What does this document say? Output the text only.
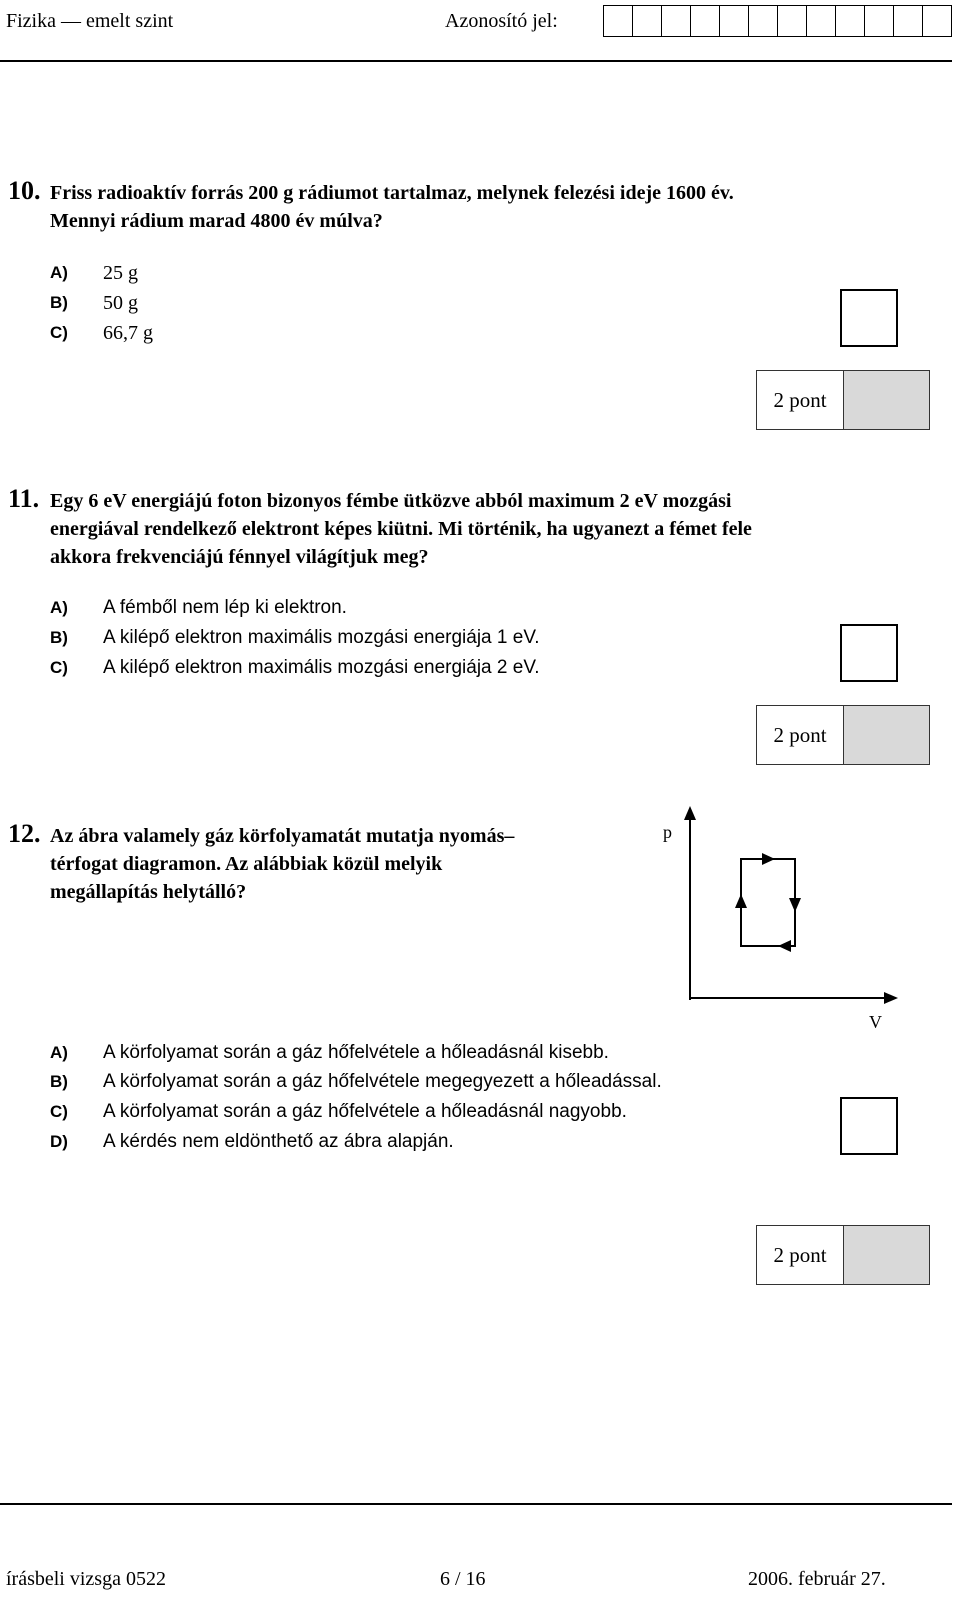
Fizika — emelt szint	Azonosító jel:
10. Friss radioaktív forrás 200 g rádiumot tartalmaz, melynek felezési ideje 1600 év.
Mennyi rádium marad 4800 év múlva?
A) 25 g
B) 50 g
C) 66,7 g
2 pont
11. Egy 6 eV energiájú foton bizonyos fémbe ütközve abból maximum 2 eV mozgási
energiával rendelkező elektront képes kiütni. Mi történik, ha ugyanezt a fémet fele
akkora frekvenciájú fénnyel világítjuk meg?
A) A fémből nem lép ki elektron.
B) A kilépő elektron maximális mozgási energiája 1 eV.
C) A kilépő elektron maximális mozgási energiája 2 eV.
2 pont
12. Az ábra valamely gáz körfolyamatát mutatja nyomás–
térfogat diagramon. Az alábbiak közül melyik
megállapítás helytálló?
p
V
A) A körfolyamat során a gáz hőfelvétele a hőleadásnál kisebb.
B) A körfolyamat során a gáz hőfelvétele megegyezett a hőleadással.
C) A körfolyamat során a gáz hőfelvétele a hőleadásnál nagyobb.
D) A kérdés nem eldönthető az ábra alapján.
2 pont
írásbeli vizsga 0522	6 / 16	2006. február 27.
